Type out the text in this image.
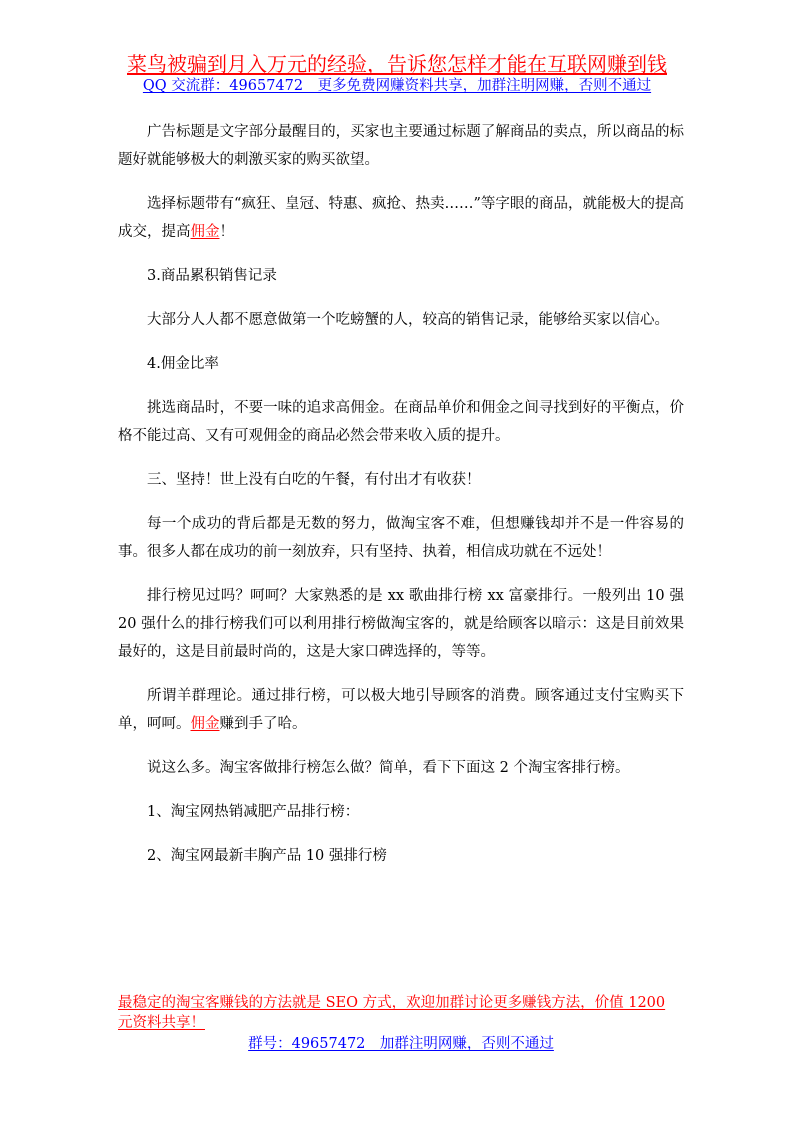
菜鸟被骗到月入万元的经验，告诉您怎样才能在互联网赚到钱
QQ 交流群：49657472　更多免费网赚资料共享，加群注明网赚，否则不通过

广告标题是文字部分最醒目的，买家也主要通过标题了解商品的卖点，所以商品的标题好就能够极大的刺激买家的购买欲望。

选择标题带有“疯狂、皇冠、特惠、疯抢、热卖……”等字眼的商品，就能极大的提高成交，提高佣金！

3.商品累积销售记录

大部分人人都不愿意做第一个吃螃蟹的人，较高的销售记录，能够给买家以信心。

4.佣金比率

挑选商品时，不要一味的追求高佣金。在商品单价和佣金之间寻找到好的平衡点，价格不能过高、又有可观佣金的商品必然会带来收入质的提升。

三、坚持！世上没有白吃的午餐，有付出才有收获！

每一个成功的背后都是无数的努力，做淘宝客不难，但想赚钱却并不是一件容易的事。很多人都在成功的前一刻放弃，只有坚持、执着，相信成功就在不远处！

排行榜见过吗？呵呵？大家熟悉的是 xx 歌曲排行榜 xx 富豪排行。一般列出 10 强 20 强什么的排行榜我们可以利用排行榜做淘宝客的，就是给顾客以暗示：这是目前效果最好的，这是目前最时尚的，这是大家口碑选择的，等等。

所谓羊群理论。通过排行榜，可以极大地引导顾客的消费。顾客通过支付宝购买下单，呵呵。佣金赚到手了哈。

说这么多。淘宝客做排行榜怎么做？简单，看下下面这 2 个淘宝客排行榜。

1、淘宝网热销减肥产品排行榜：

2、淘宝网最新丰胸产品 10 强排行榜

最稳定的淘宝客赚钱的方法就是 SEO 方式，欢迎加群讨论更多赚钱方法，价值 1200 元资料共享！
群号：49657472　加群注明网赚，否则不通过
